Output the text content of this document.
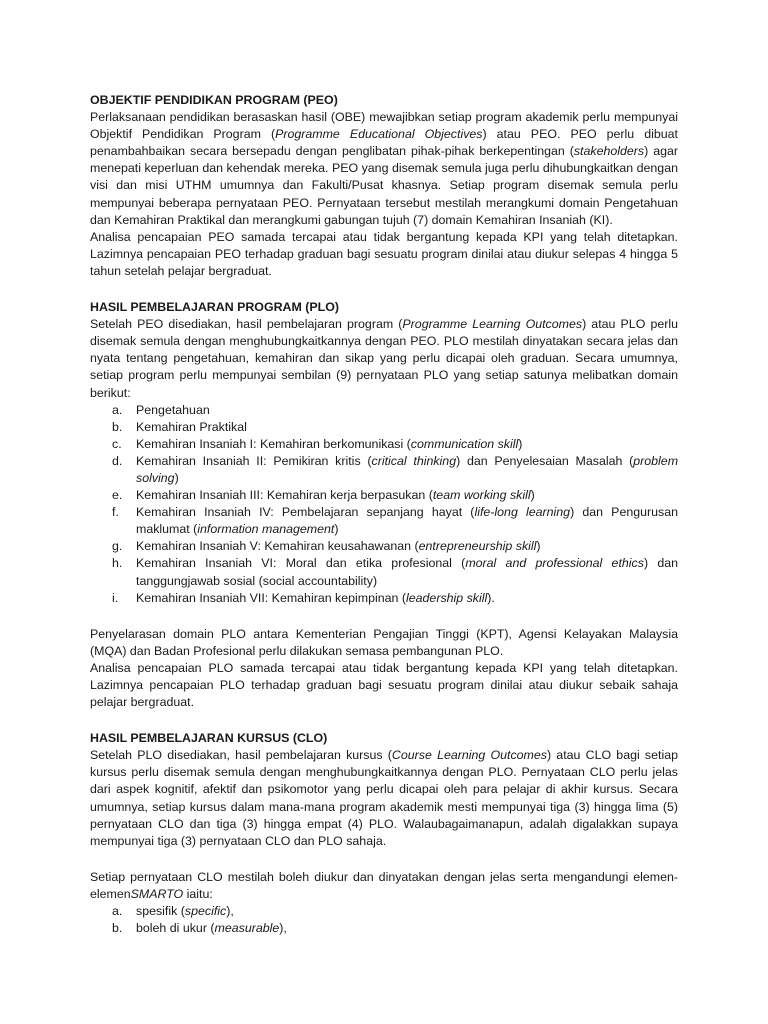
OBJEKTIF PENDIDIKAN PROGRAM (PEO)

Perlaksanaan pendidikan berasaskan hasil (OBE) mewajibkan setiap program akademik perlu mempunyai Objektif Pendidikan Program (Programme Educational Objectives) atau PEO. PEO perlu dibuat penambahbaikan secara bersepadu dengan penglibatan pihak-pihak berkepentingan (stakeholders) agar menepati keperluan dan kehendak mereka. PEO yang disemak semula juga perlu dihubungkaitkan dengan visi dan misi UTHM umumnya dan Fakulti/Pusat khasnya. Setiap program disemak semula perlu mempunyai beberapa pernyataan PEO. Pernyataan tersebut mestilah merangkumi domain Pengetahuan dan Kemahiran Praktikal dan merangkumi gabungan tujuh (7) domain Kemahiran Insaniah (KI).

Analisa pencapaian PEO samada tercapai atau tidak bergantung kepada KPI yang telah ditetapkan. Lazimnya pencapaian PEO terhadap graduan bagi sesuatu program dinilai atau diukur selepas 4 hingga 5 tahun setelah pelajar bergraduat.

HASIL PEMBELAJARAN PROGRAM (PLO)

Setelah PEO disediakan, hasil pembelajaran program (Programme Learning Outcomes) atau PLO perlu disemak semula dengan menghubungkaitkannya dengan PEO. PLO mestilah dinyatakan secara jelas dan nyata tentang pengetahuan, kemahiran dan sikap yang perlu dicapai oleh graduan. Secara umumnya, setiap program perlu mempunyai sembilan (9) pernyataan PLO yang setiap satunya melibatkan domain berikut:

a. Pengetahuan
b. Kemahiran Praktikal
c. Kemahiran Insaniah I: Kemahiran berkomunikasi (communication skill)
d. Kemahiran Insaniah II: Pemikiran kritis (critical thinking) dan Penyelesaian Masalah (problem solving)
e. Kemahiran Insaniah III: Kemahiran kerja berpasukan (team working skill)
f. Kemahiran Insaniah IV: Pembelajaran sepanjang hayat (life-long learning) dan Pengurusan maklumat (information management)
g. Kemahiran Insaniah V: Kemahiran keusahawanan (entrepreneurship skill)
h. Kemahiran Insaniah VI: Moral dan etika profesional (moral and professional ethics) dan tanggungjawab sosial (social accountability)
i. Kemahiran Insaniah VII: Kemahiran kepimpinan (leadership skill).

Penyelarasan domain PLO antara Kementerian Pengajian Tinggi (KPT), Agensi Kelayakan Malaysia (MQA) dan Badan Profesional perlu dilakukan semasa pembangunan PLO.

Analisa pencapaian PLO samada tercapai atau tidak bergantung kepada KPI yang telah ditetapkan. Lazimnya pencapaian PLO terhadap graduan bagi sesuatu program dinilai atau diukur sebaik sahaja pelajar bergraduat.

HASIL PEMBELAJARAN KURSUS (CLO)

Setelah PLO disediakan, hasil pembelajaran kursus (Course Learning Outcomes) atau CLO bagi setiap kursus perlu disemak semula dengan menghubungkaitkannya dengan PLO. Pernyataan CLO perlu jelas dari aspek kognitif, afektif dan psikomotor yang perlu dicapai oleh para pelajar di akhir kursus. Secara umumnya, setiap kursus dalam mana-mana program akademik mesti mempunyai tiga (3) hingga lima (5) pernyataan CLO dan tiga (3) hingga empat (4) PLO. Walaubagaimanapun, adalah digalakkan supaya mempunyai tiga (3) pernyataan CLO dan PLO sahaja.

Setiap pernyataan CLO mestilah boleh diukur dan dinyatakan dengan jelas serta mengandungi elemen-elemenSMARTO iaitu:

a. spesifik (specific),
b. boleh di ukur (measurable),
